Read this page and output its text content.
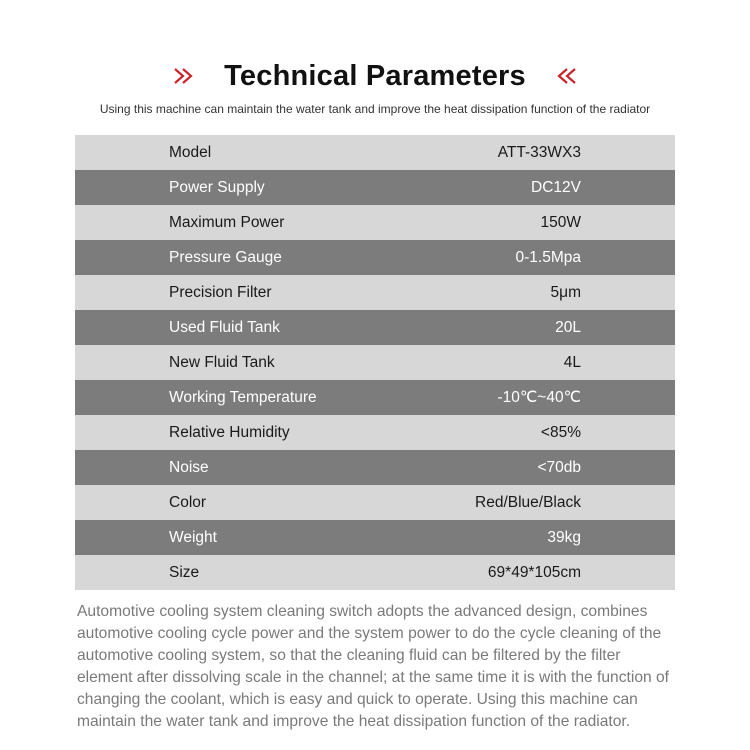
Technical Parameters
Using this machine can maintain the water tank and improve the heat dissipation function of the radiator
Model	ATT-33WX3
Power Supply	DC12V
Maximum Power	150W
Pressure Gauge	0-1.5Mpa
Precision Filter	5μm
Used Fluid Tank	20L
New Fluid Tank	4L
Working Temperature	-10℃~40℃
Relative Humidity	<85%
Noise	<70db
Color	Red/Blue/Black
Weight	39kg
Size	69*49*105cm
Automotive cooling system cleaning switch adopts the advanced design, combines automotive cooling cycle power and the system power to do the cycle cleaning of the automotive cooling system, so that the cleaning fluid can be filtered by the filter element after dissolving scale in the channel; at the same time it is with the function of changing the coolant, which is easy and quick to operate. Using this machine can maintain the water tank and improve the heat dissipation function of the radiator.
